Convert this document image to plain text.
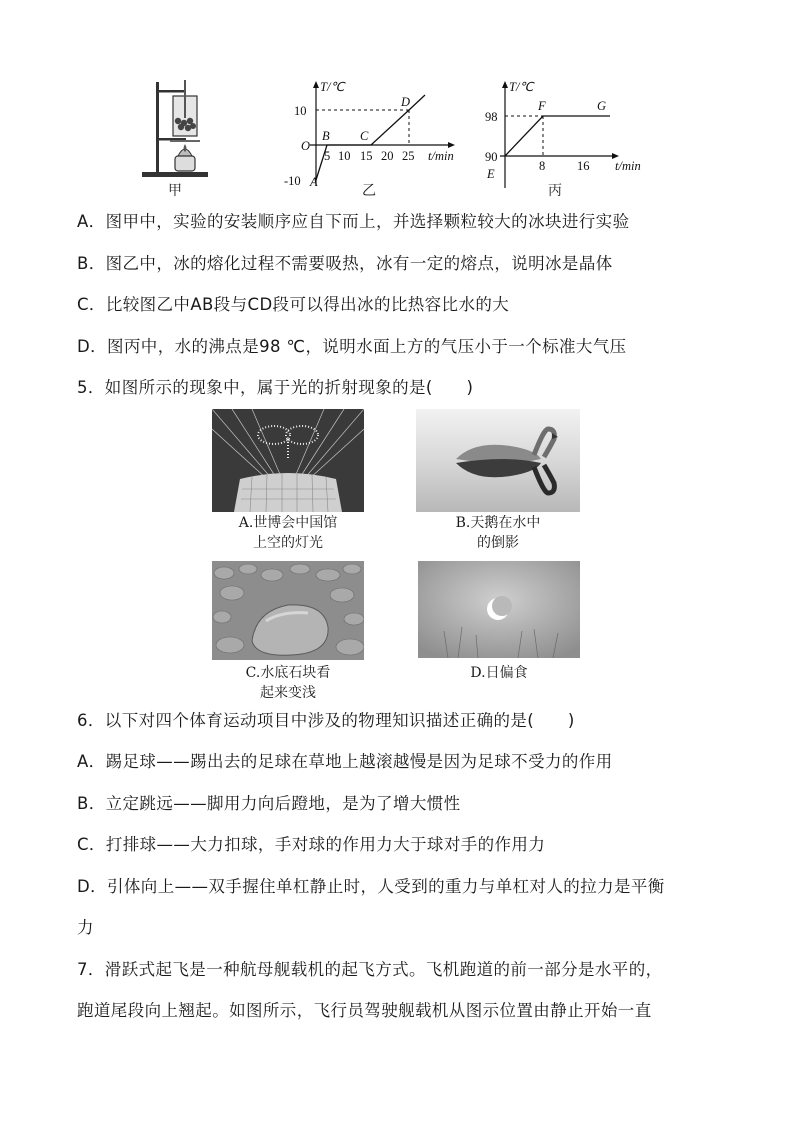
甲
T/℃
t/min
O
10
-10
5 10 15 20 25
A
B C
D
乙
T/℃
t/min
98
90
8	16
E
F	G
丙
A．图甲中，实验的安装顺序应自下而上，并选择颗粒较大的冰块进行实验
B．图乙中，冰的熔化过程不需要吸热，冰有一定的熔点，说明冰是晶体
C．比较图乙中AB段与CD段可以得出冰的比热容比水的大
D．图丙中，水的沸点是98 ℃，说明水面上方的气压小于一个标准大气压
5．如图所示的现象中，属于光的折射现象的是(　　)
A.世博会中国馆
上空的灯光
B.天鹅在水中
的倒影
C.水底石块看
起来变浅
D.日偏食
6．以下对四个体育运动项目中涉及的物理知识描述正确的是(　　)
A．踢足球——踢出去的足球在草地上越滚越慢是因为足球不受力的作用
B．立定跳远——脚用力向后蹬地，是为了增大惯性
C．打排球——大力扣球，手对球的作用力大于球对手的作用力
D．引体向上——双手握住单杠静止时，人受到的重力与单杠对人的拉力是平衡
力
7．滑跃式起飞是一种航母舰载机的起飞方式。飞机跑道的前一部分是水平的，
跑道尾段向上翘起。如图所示，飞行员驾驶舰载机从图示位置由静止开始一直
